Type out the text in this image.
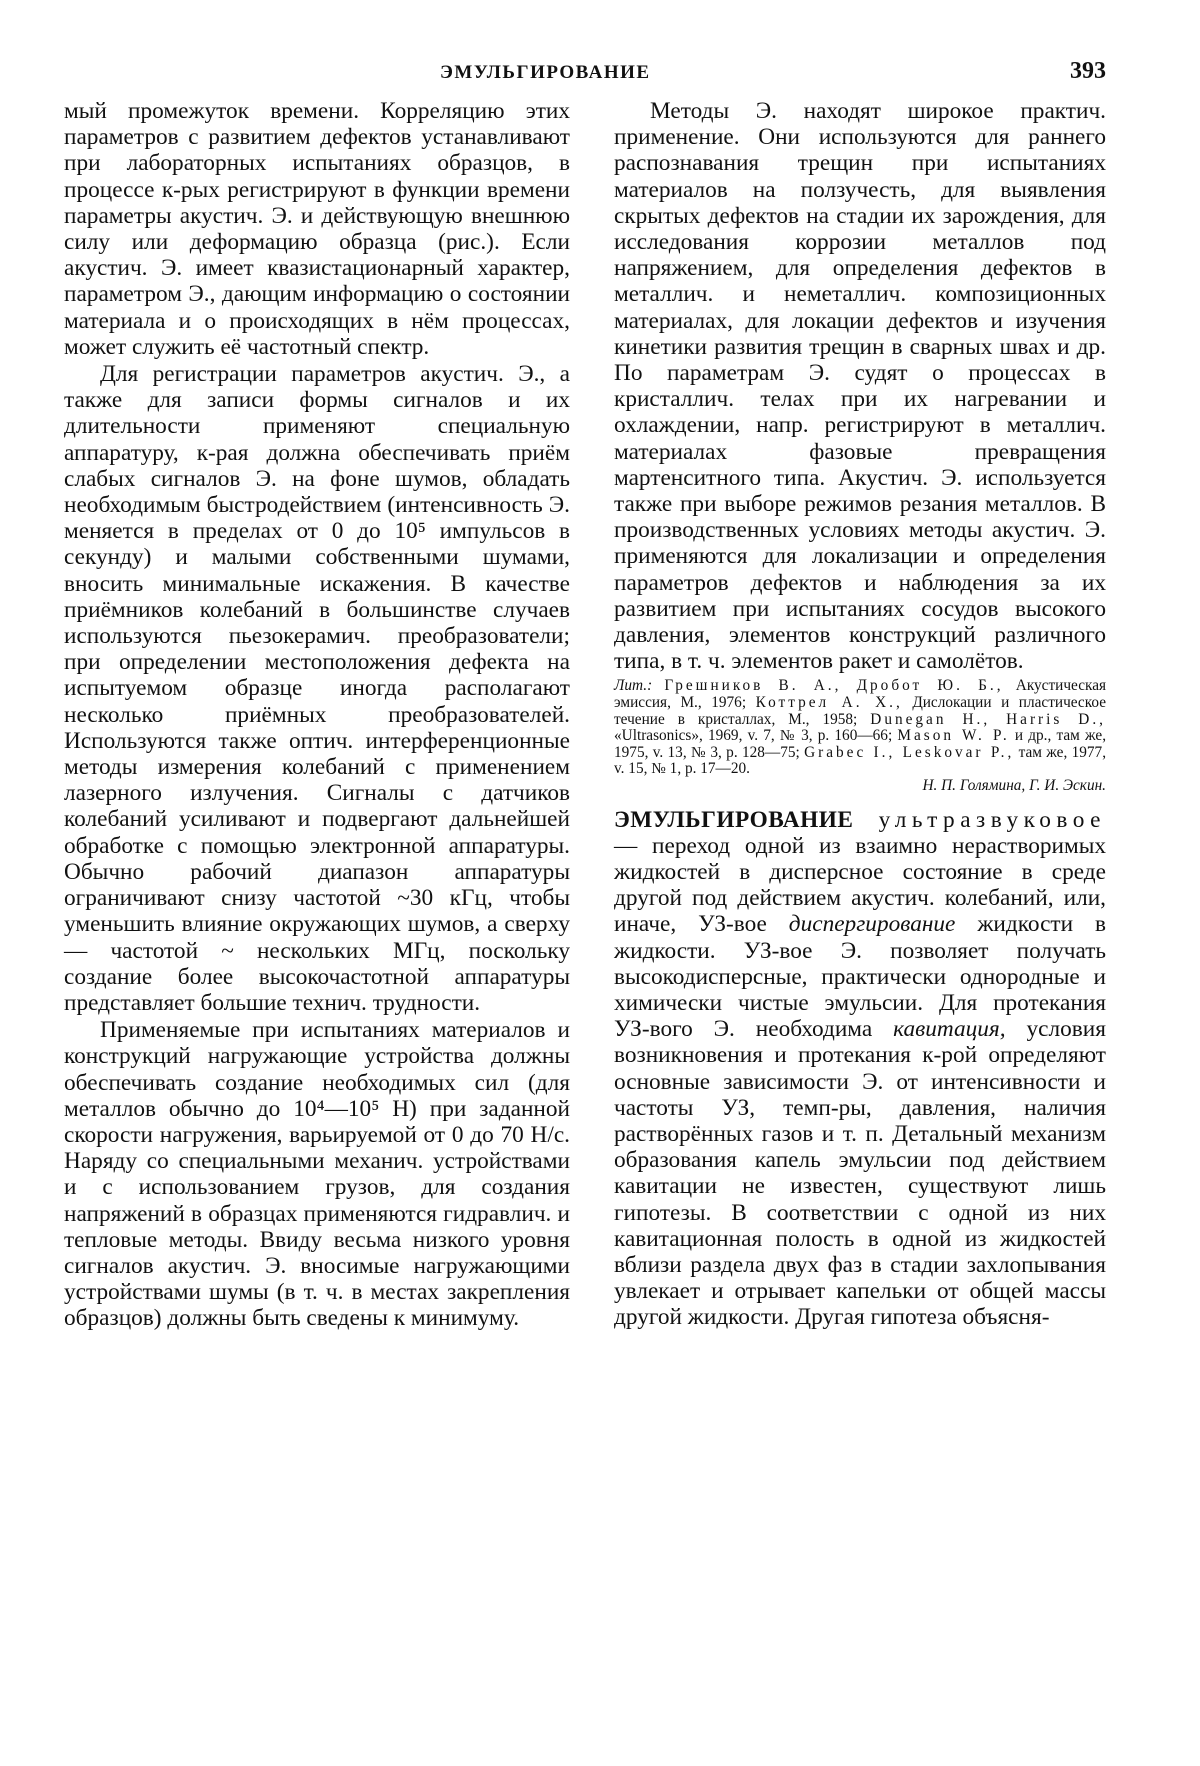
ЭМУЛЬГИРОВАНИЕ	393

мый промежуток времени. Корреляцию этих параметров с развитием дефектов устанавливают при лабораторных испытаниях образцов, в процессе к-рых регистрируют в функции времени параметры акустич. Э. и действующую внешнюю силу или деформацию образца (рис.). Если акустич. Э. имеет квазистационарный характер, параметром Э., дающим информацию о состоянии материала и о происходящих в нём процессах, может служить её частотный спектр.

Для регистрации параметров акустич. Э., а также для записи формы сигналов и их длительности применяют специальную аппаратуру, к-рая должна обеспечивать приём слабых сигналов Э. на фоне шумов, обладать необходимым быстродействием (интенсивность Э. меняется в пределах от 0 до 10⁵ импульсов в секунду) и малыми собственными шумами, вносить минимальные искажения. В качестве приёмников колебаний в большинстве случаев используются пьезокерамич. преобразователи; при определении местоположения дефекта на испытуемом образце иногда располагают несколько приёмных преобразователей. Используются также оптич. интерференционные методы измерения колебаний с применением лазерного излучения. Сигналы с датчиков колебаний усиливают и подвергают дальнейшей обработке с помощью электронной аппаратуры. Обычно рабочий диапазон аппаратуры ограничивают снизу частотой ~30 кГц, чтобы уменьшить влияние окружающих шумов, а сверху — частотой ~ нескольких МГц, поскольку создание более высокочастотной аппаратуры представляет большие технич. трудности.

Применяемые при испытаниях материалов и конструкций нагружающие устройства должны обеспечивать создание необходимых сил (для металлов обычно до 10⁴—10⁵ Н) при заданной скорости нагружения, варьируемой от 0 до 70 Н/с. Наряду со специальными механич. устройствами и с использованием грузов, для создания напряжений в образцах применяются гидравлич. и тепловые методы. Ввиду весьма низкого уровня сигналов акустич. Э. вносимые нагружающими устройствами шумы (в т. ч. в местах закрепления образцов) должны быть сведены к минимуму.

Методы Э. находят широкое практич. применение. Они используются для раннего распознавания трещин при испытаниях материалов на ползучесть, для выявления скрытых дефектов на стадии их зарождения, для исследования коррозии металлов под напряжением, для определения дефектов в металлич. и неметаллич. композиционных материалах, для локации дефектов и изучения кинетики развития трещин в сварных швах и др. По параметрам Э. судят о процессах в кристаллич. телах при их нагревании и охлаждении, напр. регистрируют в металлич. материалах фазовые превращения мартенситного типа. Акустич. Э. используется также при выборе режимов резания металлов. В производственных условиях методы акустич. Э. применяются для локализации и определения параметров дефектов и наблюдения за их развитием при испытаниях сосудов высокого давления, элементов конструкций различного типа, в т. ч. элементов ракет и самолётов.

Лит.: Грешников В. А., Дробот Ю. Б., Акустическая эмиссия, М., 1976; Коттрел А. Х., Дислокации и пластическое течение в кристаллах, М., 1958; Dunegan H., Harris D., «Ultrasonics», 1969, v. 7, № 3, p. 160—66; Mason W. P. и др., там же, 1975, v. 13, № 3, p. 128—75; Grabec I., Leskovar P., там же, 1977, v. 15, № 1, p. 17—20.

Н. П. Голямина, Г. И. Эскин.

ЭМУЛЬГИРОВАНИЕ ультразвуковое — переход одной из взаимно нерастворимых жидкостей в дисперсное состояние в среде другой под действием акустич. колебаний, или, иначе, УЗ-вое диспергирование жидкости в жидкости. УЗ-вое Э. позволяет получать высокодисперсные, практически однородные и химически чистые эмульсии. Для протекания УЗ-вого Э. необходима кавитация, условия возникновения и протекания к-рой определяют основные зависимости Э. от интенсивности и частоты УЗ, темп-ры, давления, наличия растворённых газов и т. п. Детальный механизм образования капель эмульсии под действием кавитации не известен, существуют лишь гипотезы. В соответствии с одной из них кавитационная полость в одной из жидкостей вблизи раздела двух фаз в стадии захлопывания увлекает и отрывает капельки от общей массы другой жидкости. Другая гипотеза объясня-
